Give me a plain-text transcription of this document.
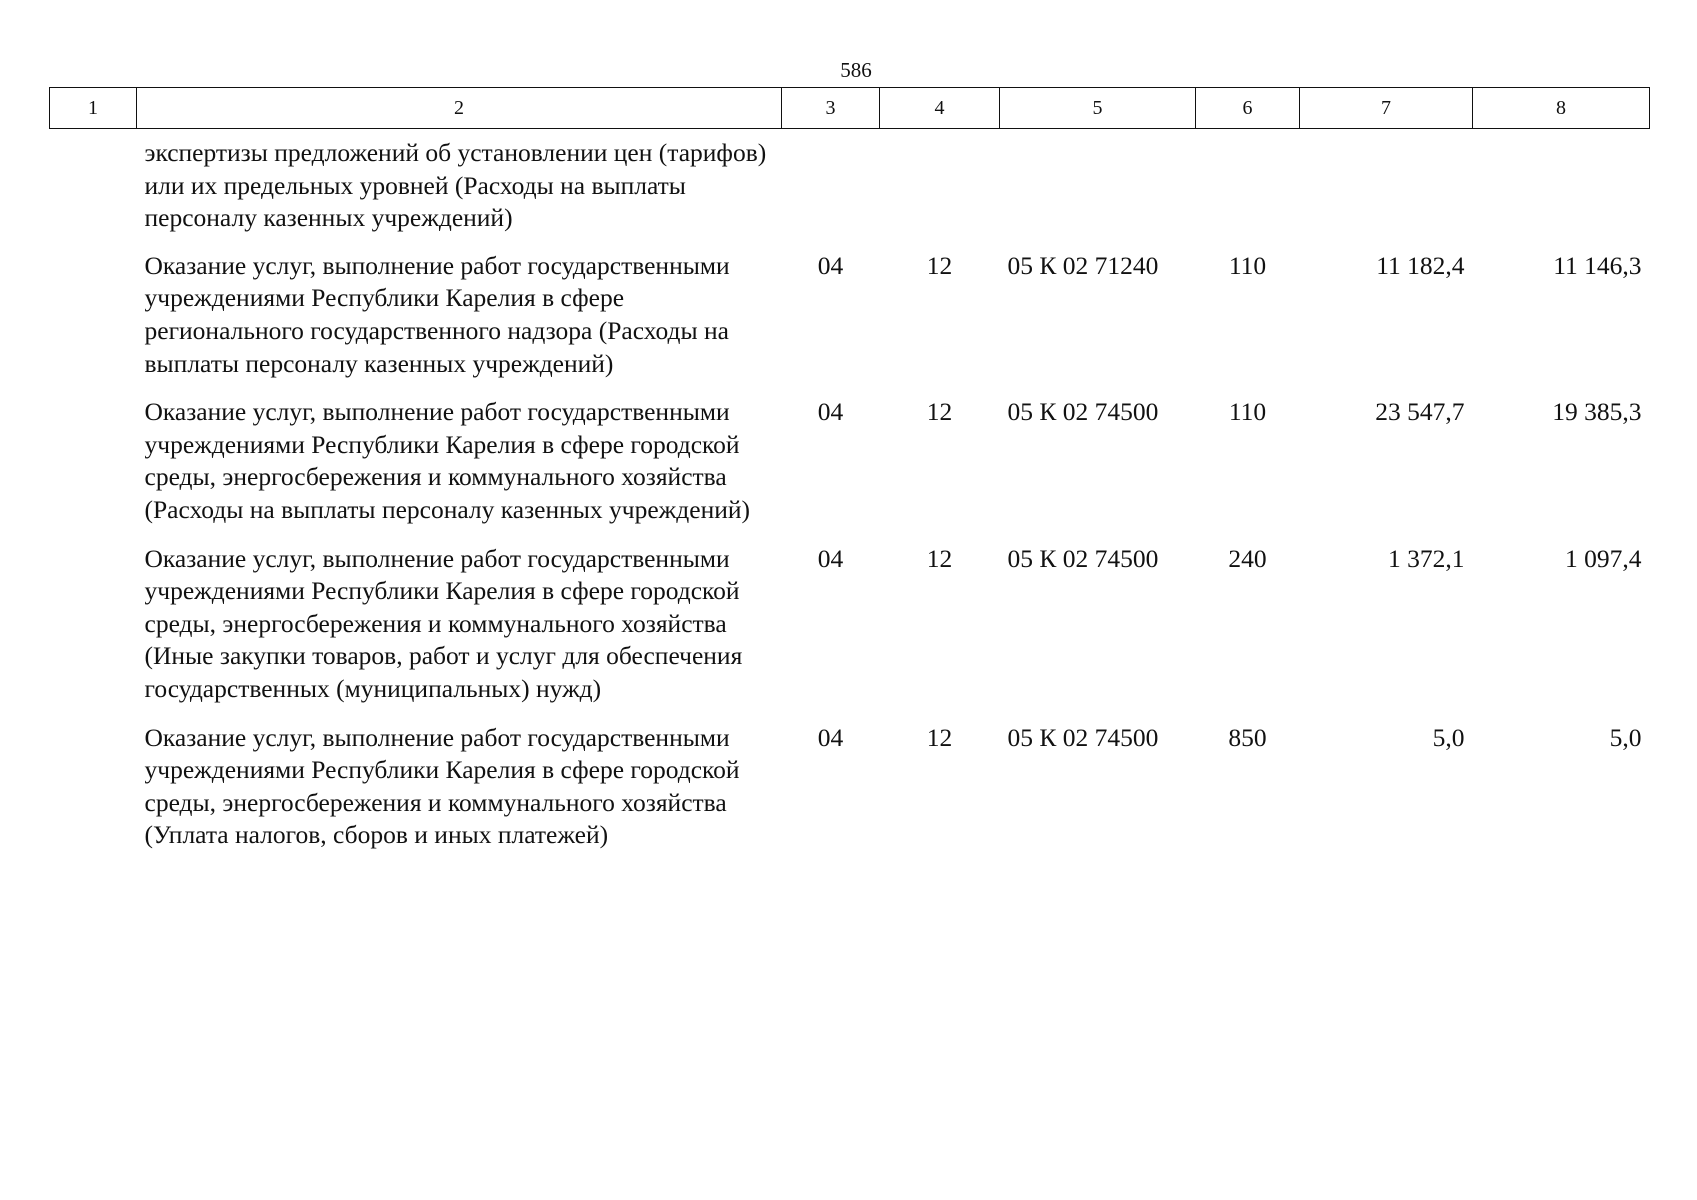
586
1	2	3	4	5	6	7	8
	экспертизы предложений об установлении цен (тарифов) или их предельных уровней (Расходы на выплаты персоналу казенных учреждений)						
	Оказание услуг, выполнение работ государственными учреждениями Республики Карелия в сфере регионального государственного надзора (Расходы на выплаты персоналу казенных учреждений)	04	12	05 К 02 71240	110	11 182,4	11 146,3
	Оказание услуг, выполнение работ государственными учреждениями Республики Карелия в сфере городской среды, энергосбережения и коммунального хозяйства (Расходы на выплаты персоналу казенных учреждений)	04	12	05 К 02 74500	110	23 547,7	19 385,3
	Оказание услуг, выполнение работ государственными учреждениями Республики Карелия в сфере городской среды, энергосбережения и коммунального хозяйства (Иные закупки товаров, работ и услуг для обеспечения государственных (муниципальных) нужд)	04	12	05 К 02 74500	240	1 372,1	1 097,4
	Оказание услуг, выполнение работ государственными учреждениями Республики Карелия в сфере городской среды, энергосбережения и коммунального хозяйства (Уплата налогов, сборов и иных платежей)	04	12	05 К 02 74500	850	5,0	5,0
